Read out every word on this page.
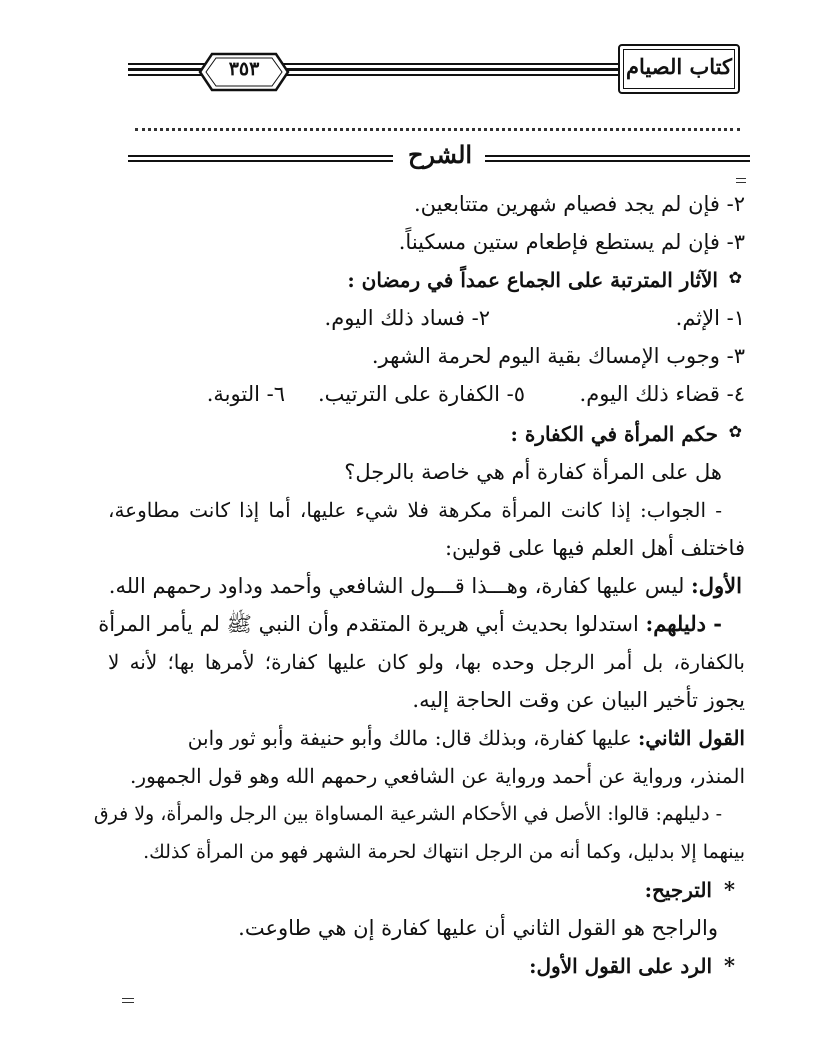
كتاب الصيام
٣٥٣
الشرح
٢- فإن لم يجد فصيام شهرين متتابعين.
٣- فإن لم يستطع فإطعام ستين مسكيناً.
✿
الآثار المترتبة على الجماع عمداً في رمضان :
١- الإثم.
٢- فساد ذلك اليوم.
٣- وجوب الإمساك بقية اليوم لحرمة الشهر.
٤- قضاء ذلك اليوم.
٥- الكفارة على الترتيب.
٦- التوبة.
✿
حكم المرأة في الكفارة :
هل على المرأة كفارة أم هي خاصة بالرجل؟
- الجواب: إذا كانت المرأة مكرهة فلا شيء عليها، أما إذا كانت مطاوعة،
فاختلف أهل العلم فيها على قولين:
الأول: ليس عليها كفارة، وهـــذا قـــول الشافعي وأحمد وداود رحمهم الله.
- دليلهم: استدلوا بحديث أبي هريرة المتقدم وأن النبي ﷺ لم يأمر المرأة
بالكفارة، بل أمر الرجل وحده بها، ولو كان عليها كفارة؛ لأمرها بها؛ لأنه لا
يجوز تأخير البيان عن وقت الحاجة إليه.
القول الثاني: عليها كفارة، وبذلك قال: مالك وأبو حنيفة وأبو ثور وابن
المنذر، ورواية عن أحمد ورواية عن الشافعي رحمهم الله وهو قول الجمهور.
- دليلهم: قالوا: الأصل في الأحكام الشرعية المساواة بين الرجل والمرأة، ولا فرق
بينهما إلا بدليل، وكما أنه من الرجل انتهاك لحرمة الشهر فهو من المرأة كذلك.
*
الترجيح:
والراجح هو القول الثاني أن عليها كفارة إن هي طاوعت.
*
الرد على القول الأول:
